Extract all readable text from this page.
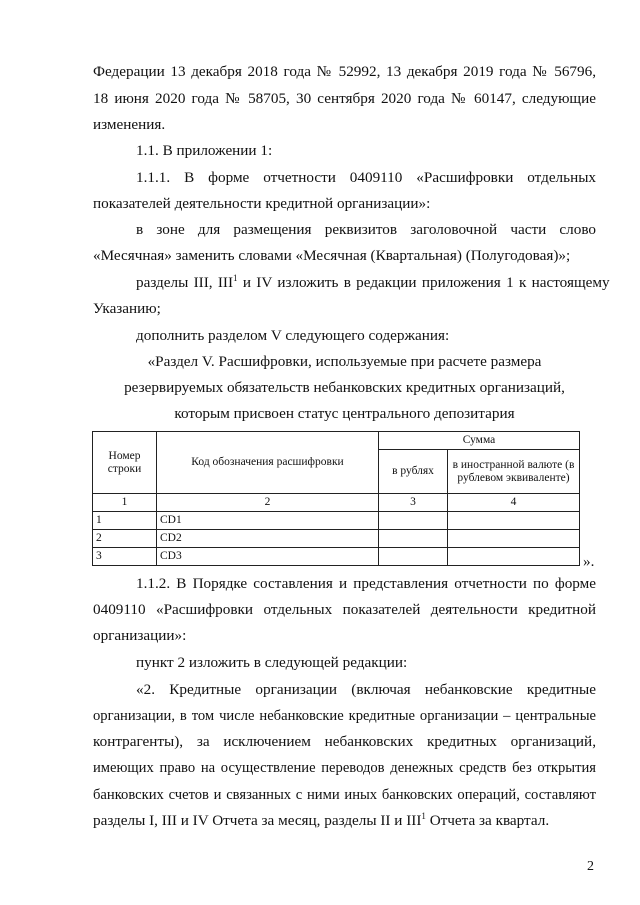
Федерации 13 декабря 2018 года № 52992, 13 декабря 2019 года № 56796,
18 июня 2020 года № 58705, 30 сентября 2020 года № 60147, следующие
изменения.
1.1. В приложении 1:
1.1.1. В форме отчетности 0409110 «Расшифровки отдельных
показателей деятельности кредитной организации»:
в зоне для размещения реквизитов заголовочной части слово
«Месячная» заменить словами «Месячная (Квартальная) (Полугодовая)»;
разделы III, III$^1$ и IV изложить в редакции приложения 1 к настоящему
Указанию;
дополнить разделом V следующего содержания:
«Раздел V. Расшифровки, используемые при расчете размера
резервируемых обязательств небанковских кредитных организаций,
которым присвоен статус центрального депозитария
Номер строки	Код обозначения расшифровки	Сумма	
		в рублях	в иностранной валюте (в рублевом эквиваленте)
1	2	3	4
1	CD1		
2	CD2		
3	CD3			».
1.1.2. В Порядке составления и представления отчетности по форме
0409110 «Расшифровки отдельных показателей деятельности кредитной
организации»:
пункт 2 изложить в следующей редакции:
«2. Кредитные организации (включая небанковские кредитные
организации, в том числе небанковские кредитные организации – центральные
контрагенты), за исключением небанковских кредитных организаций,
имеющих право на осуществление переводов денежных средств без открытия
банковских счетов и связанных с ними иных банковских операций, составляют
разделы I, III и IV Отчета за месяц, разделы II и III$^1$ Отчета за квартал.
2
